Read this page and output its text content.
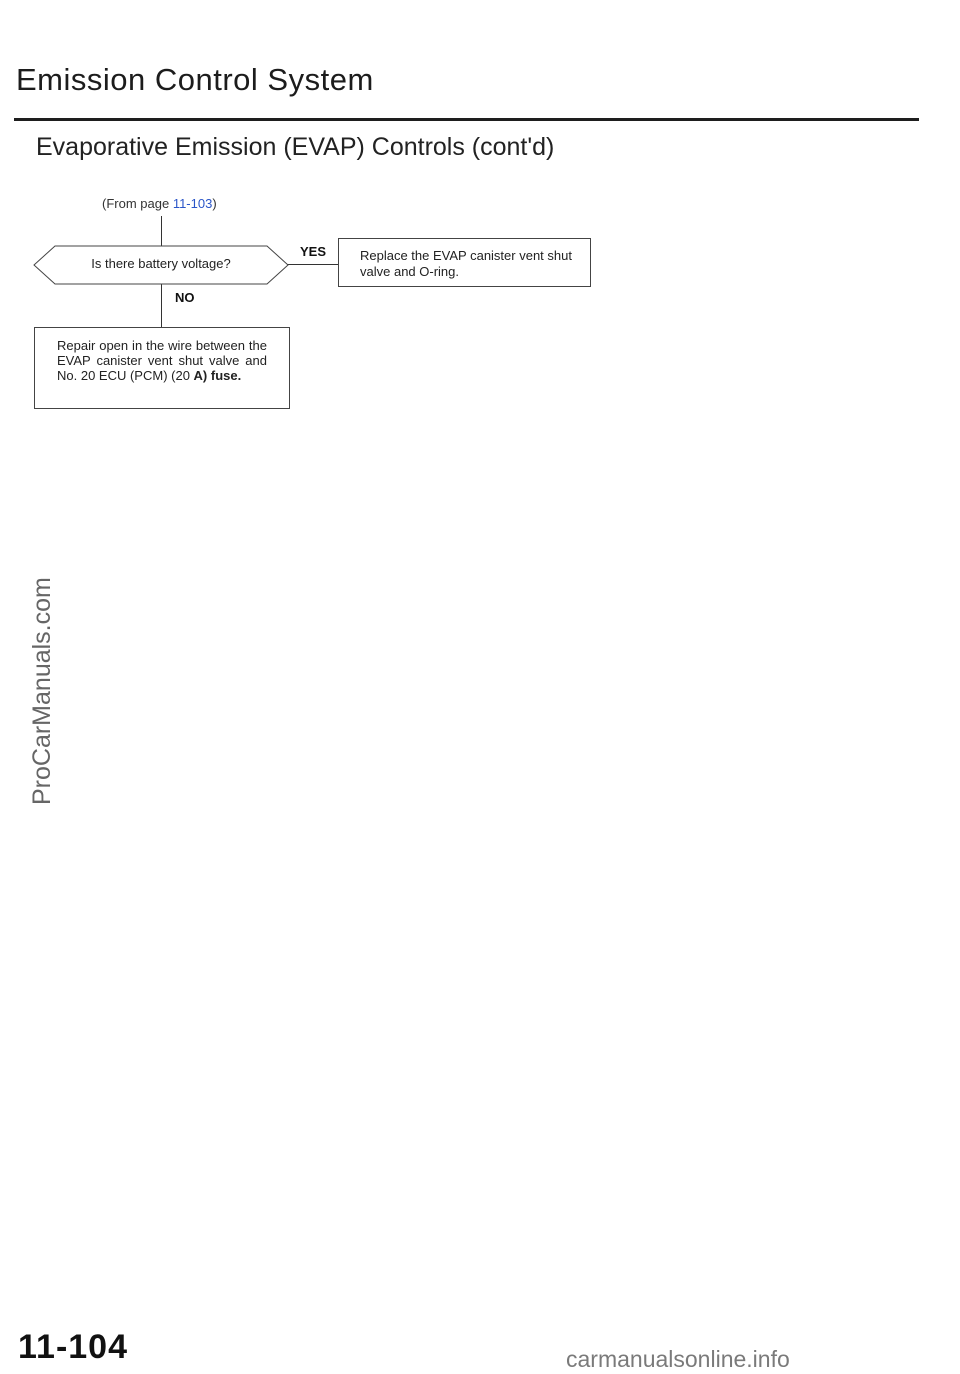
Emission Control System
Evaporative Emission (EVAP) Controls (cont'd)
(From page 11-103)
Is there battery voltage?
YES
NO
Replace the EVAP canister vent shut valve and O-ring.
Repair open in the wire between the EVAP canister vent shut valve and No. 20 ECU (PCM) (20 A) fuse.
ProCarManuals.com
11-104	carmanualsonline.info
